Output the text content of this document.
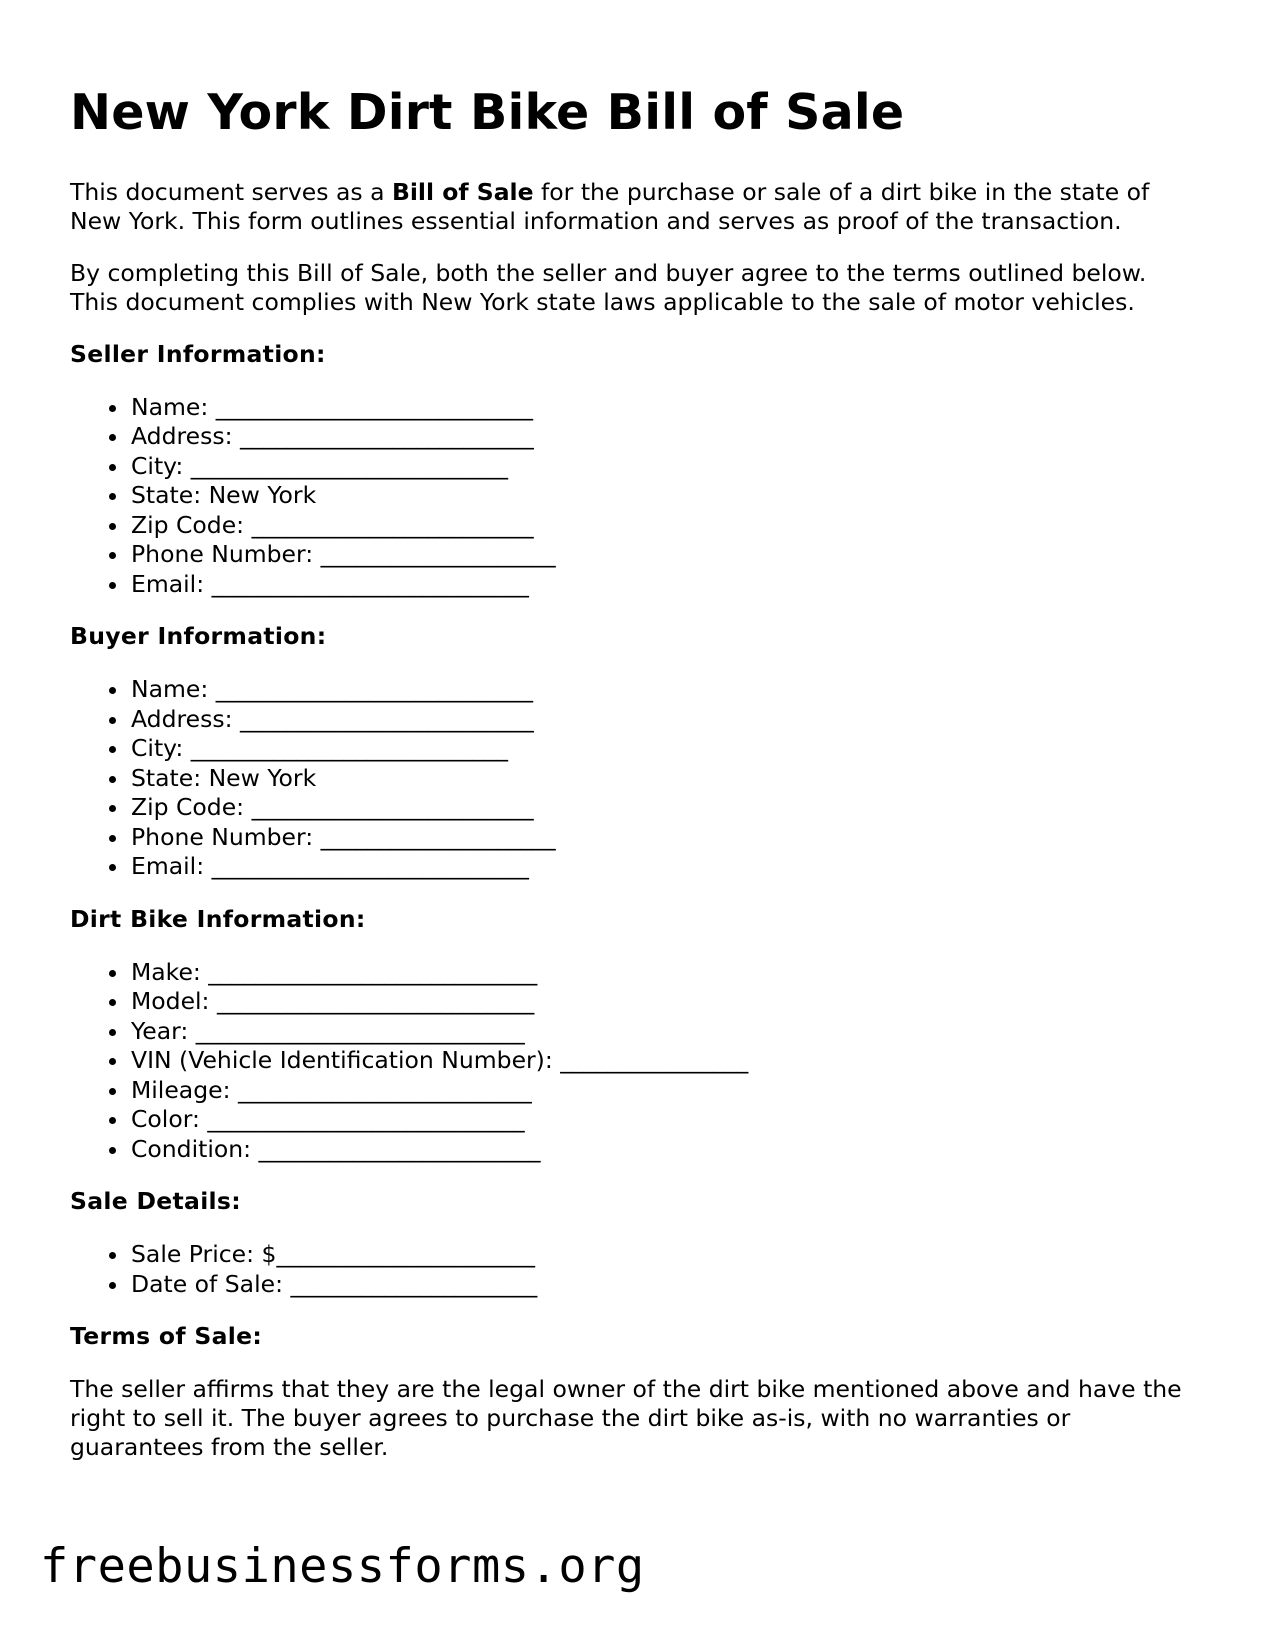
New York Dirt Bike Bill of Sale

This document serves as a Bill of Sale for the purchase or sale of a dirt bike in the state of New York. This form outlines essential information and serves as proof of the transaction.

By completing this Bill of Sale, both the seller and buyer agree to the terms outlined below. This document complies with New York state laws applicable to the sale of motor vehicles.

Seller Information:
Name: ___________________________
Address: _________________________
City: ___________________________
State: New York
Zip Code: ________________________
Phone Number: ____________________
Email: ___________________________
Buyer Information:
Name: ___________________________
Address: _________________________
City: ___________________________
State: New York
Zip Code: ________________________
Phone Number: ____________________
Email: ___________________________
Dirt Bike Information:
Make: ____________________________
Model: ___________________________
Year: ____________________________
VIN (Vehicle Identification Number): ________________
Mileage: _________________________
Color: ___________________________
Condition: ________________________
Sale Details:
Sale Price: $______________________
Date of Sale: _____________________
Terms of Sale:

The seller affirms that they are the legal owner of the dirt bike mentioned above and have the right to sell it. The buyer agrees to purchase the dirt bike as-is, with no warranties or guarantees from the seller.

freebusinessforms.org
